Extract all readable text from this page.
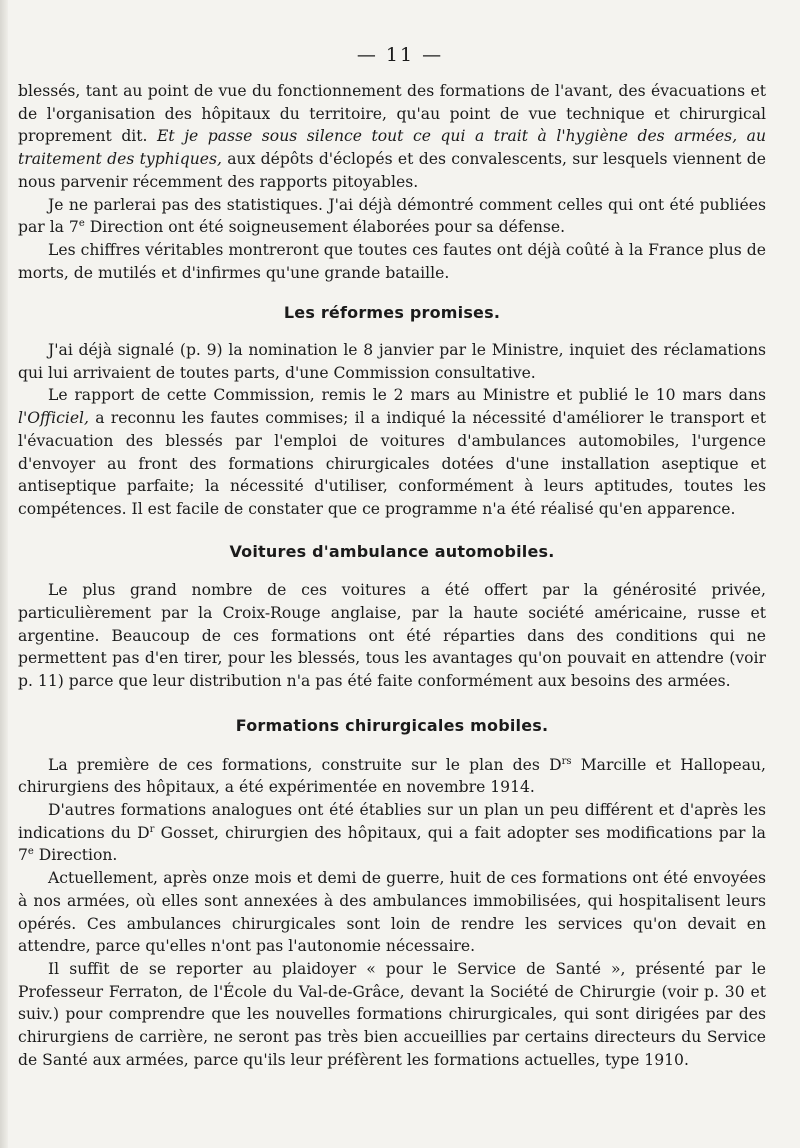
— 11 —

blessés, tant au point de vue du fonctionnement des formations de l'avant, des évacuations et de l'organisation des hôpitaux du territoire, qu'au point de vue technique et chirurgical proprement dit. Et je passe sous silence tout ce qui a trait à l'hygiène des armées, au traitement des typhiques, aux dépôts d'éclopés et des convalescents, sur lesquels viennent de nous parvenir récemment des rapports pitoyables.

Je ne parlerai pas des statistiques. J'ai déjà démontré comment celles qui ont été publiées par la 7e Direction ont été soigneusement élaborées pour sa défense.

Les chiffres véritables montreront que toutes ces fautes ont déjà coûté à la France plus de morts, de mutilés et d'infirmes qu'une grande bataille.

Les réformes promises.

J'ai déjà signalé (p. 9) la nomination le 8 janvier par le Ministre, inquiet des réclamations qui lui arrivaient de toutes parts, d'une Commission consultative.

Le rapport de cette Commission, remis le 2 mars au Ministre et publié le 10 mars dans l'Officiel, a reconnu les fautes commises; il a indiqué la nécessité d'améliorer le transport et l'évacuation des blessés par l'emploi de voitures d'ambulances automobiles, l'urgence d'envoyer au front des formations chirurgicales dotées d'une installation aseptique et antiseptique parfaite; la nécessité d'utiliser, conformément à leurs aptitudes, toutes les compétences. Il est facile de constater que ce programme n'a été réalisé qu'en apparence.

Voitures d'ambulance automobiles.

Le plus grand nombre de ces voitures a été offert par la générosité privée, particulièrement par la Croix-Rouge anglaise, par la haute société américaine, russe et argentine. Beaucoup de ces formations ont été réparties dans des conditions qui ne permettent pas d'en tirer, pour les blessés, tous les avantages qu'on pouvait en attendre (voir p. 11) parce que leur distribution n'a pas été faite conformément aux besoins des armées.

Formations chirurgicales mobiles.

La première de ces formations, construite sur le plan des $D^{rs}$ Marcille et Hallopeau, chirurgiens des hôpitaux, a été expérimentée en novembre 1914.

D'autres formations analogues ont été établies sur un plan un peu différent et d'après les indications du $D^r$ Gosset, chirurgien des hôpitaux, qui a fait adopter ses modifications par la 7e Direction.

Actuellement, après onze mois et demi de guerre, huit de ces formations ont été envoyées à nos armées, où elles sont annexées à des ambulances immobilisées, qui hospitalisent leurs opérés. Ces ambulances chirurgicales sont loin de rendre les services qu'on devait en attendre, parce qu'elles n'ont pas l'autonomie nécessaire.

Il suffit de se reporter au plaidoyer « pour le Service de Santé », présenté par le Professeur Ferraton, de l'École du Val-de-Grâce, devant la Société de Chirurgie (voir p. 30 et suiv.) pour comprendre que les nouvelles formations chirurgicales, qui sont dirigées par des chirurgiens de carrière, ne seront pas très bien accueillies par certains directeurs du Service de Santé aux armées, parce qu'ils leur préfèrent les formations actuelles, type 1910.
